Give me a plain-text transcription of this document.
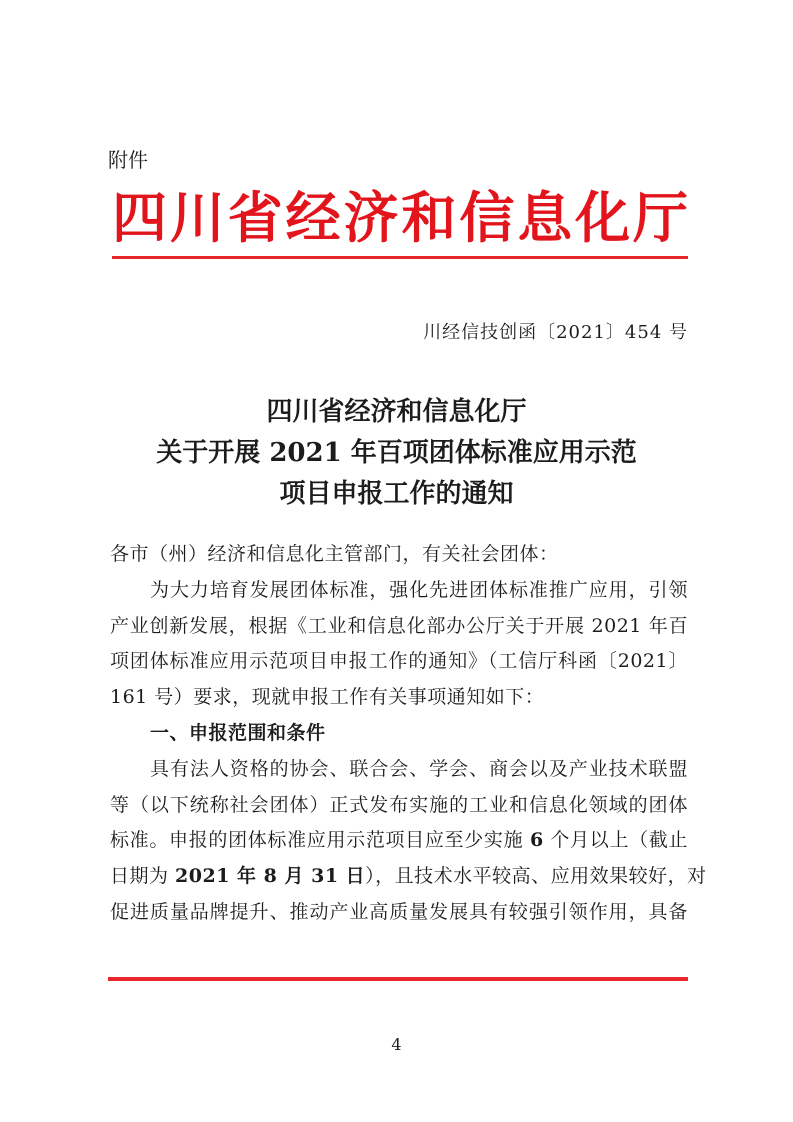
附件
四川省经济和信息化厅
川经信技创函〔2021〕454 号
四川省经济和信息化厅
关于开展 2021 年百项团体标准应用示范
项目申报工作的通知
各市（州）经济和信息化主管部门，有关社会团体：
为大力培育发展团体标准，强化先进团体标准推广应用，引领
产业创新发展，根据《工业和信息化部办公厅关于开展 2021 年百
项团体标准应用示范项目申报工作的通知》（工信厅科函〔2021〕
161 号）要求，现就申报工作有关事项通知如下：
一、申报范围和条件
具有法人资格的协会、联合会、学会、商会以及产业技术联盟
等（以下统称社会团体）正式发布实施的工业和信息化领域的团体
标准。申报的团体标准应用示范项目应至少实施 6 个月以上（截止
日期为 2021 年 8 月 31 日），且技术水平较高、应用效果较好，对
促进质量品牌提升、推动产业高质量发展具有较强引领作用，具备
4
